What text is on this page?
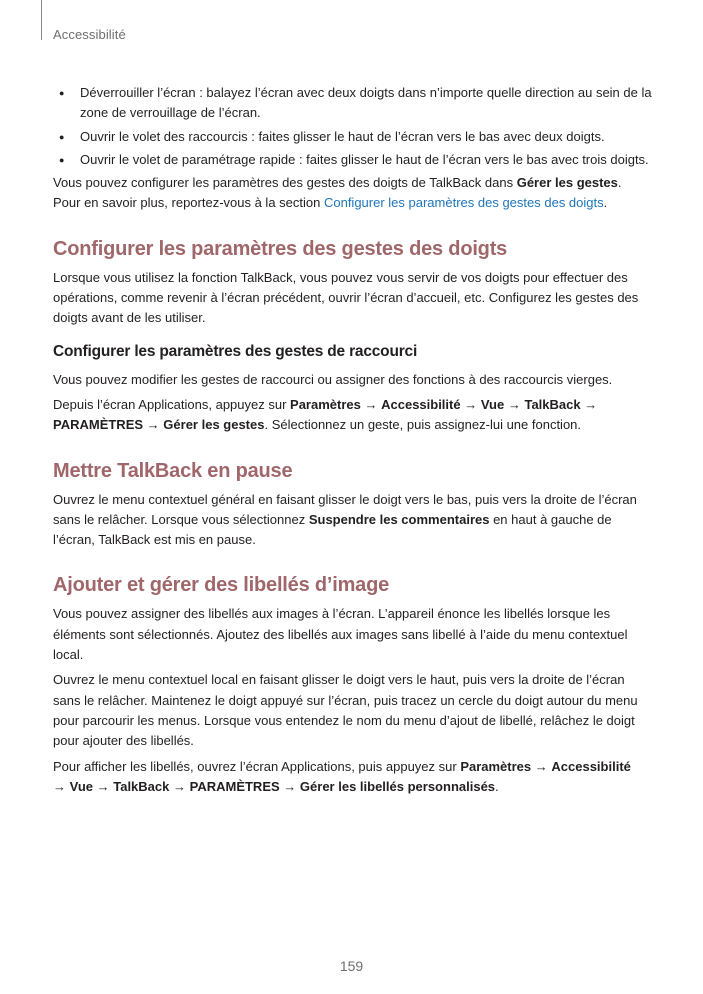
Accessibilité
● Déverrouiller l’écran : balayez l’écran avec deux doigts dans n’importe quelle direction au sein de la zone de verrouillage de l’écran.
● Ouvrir le volet des raccourcis : faites glisser le haut de l’écran vers le bas avec deux doigts.
● Ouvrir le volet de paramétrage rapide : faites glisser le haut de l’écran vers le bas avec trois doigts.

Vous pouvez configurer les paramètres des gestes des doigts de TalkBack dans Gérer les gestes.
Pour en savoir plus, reportez-vous à la section Configurer les paramètres des gestes des doigts.

Configurer les paramètres des gestes des doigts

Lorsque vous utilisez la fonction TalkBack, vous pouvez vous servir de vos doigts pour effectuer des opérations, comme revenir à l’écran précédent, ouvrir l’écran d’accueil, etc. Configurez les gestes des doigts avant de les utiliser.

Configurer les paramètres des gestes de raccourci

Vous pouvez modifier les gestes de raccourci ou assigner des fonctions à des raccourcis vierges.

Depuis l’écran Applications, appuyez sur Paramètres → Accessibilité → Vue → TalkBack → PARAMÈTRES → Gérer les gestes. Sélectionnez un geste, puis assignez-lui une fonction.

Mettre TalkBack en pause

Ouvrez le menu contextuel général en faisant glisser le doigt vers le bas, puis vers la droite de l’écran sans le relâcher. Lorsque vous sélectionnez Suspendre les commentaires en haut à gauche de l’écran, TalkBack est mis en pause.

Ajouter et gérer des libellés d’image

Vous pouvez assigner des libellés aux images à l’écran. L’appareil énonce les libellés lorsque les éléments sont sélectionnés. Ajoutez des libellés aux images sans libellé à l’aide du menu contextuel local.

Ouvrez le menu contextuel local en faisant glisser le doigt vers le haut, puis vers la droite de l’écran sans le relâcher. Maintenez le doigt appuyé sur l’écran, puis tracez un cercle du doigt autour du menu pour parcourir les menus. Lorsque vous entendez le nom du menu d’ajout de libellé, relâchez le doigt pour ajouter des libellés.

Pour afficher les libellés, ouvrez l’écran Applications, puis appuyez sur Paramètres → Accessibilité
→ Vue → TalkBack → PARAMÈTRES → Gérer les libellés personnalisés.

159
